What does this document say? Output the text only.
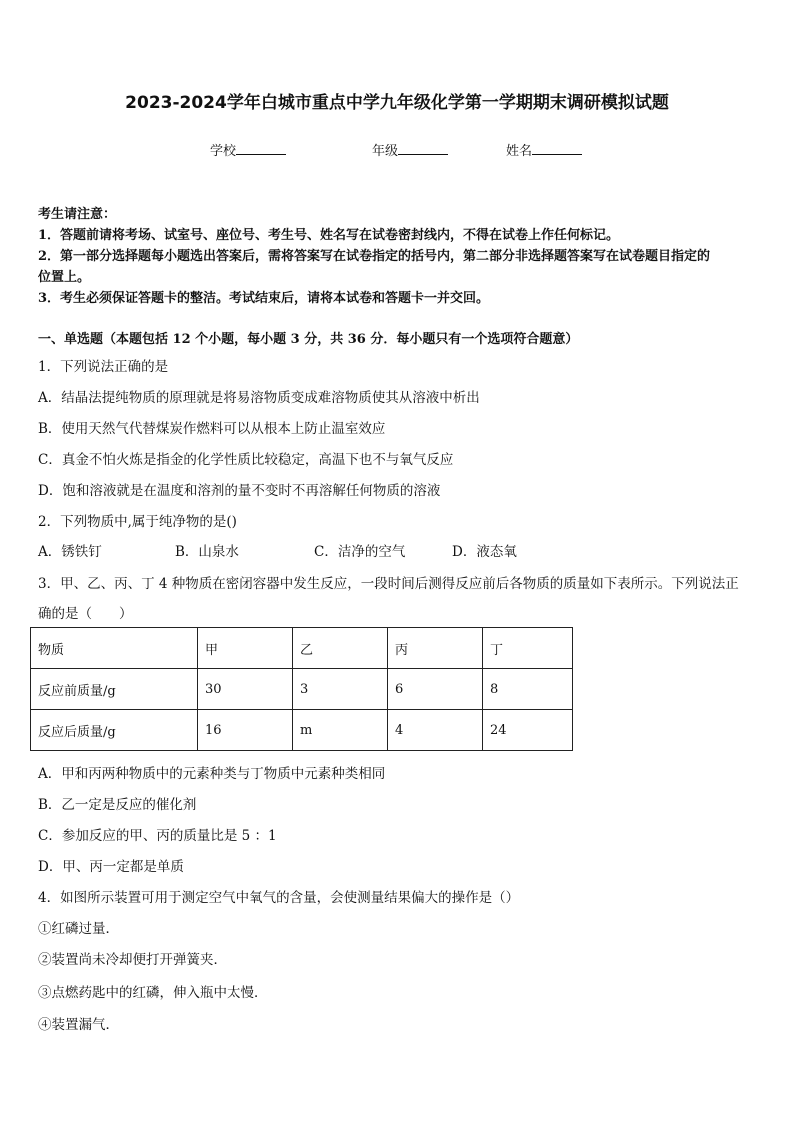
2023-2024学年白城市重点中学九年级化学第一学期期末调研模拟试题
学校	年级	姓名
考生请注意：
1．答题前请将考场、试室号、座位号、考生号、姓名写在试卷密封线内，不得在试卷上作任何标记。
2．第一部分选择题每小题选出答案后，需将答案写在试卷指定的括号内，第二部分非选择题答案写在试卷题目指定的
位置上。
3．考生必须保证答题卡的整洁。考试结束后，请将本试卷和答题卡一并交回。
一、单选题（本题包括 12 个小题，每小题 3 分，共 36 分．每小题只有一个选项符合题意）
1．下列说法正确的是
A．结晶法提纯物质的原理就是将易溶物质变成难溶物质使其从溶液中析出
B．使用天然气代替煤炭作燃料可以从根本上防止温室效应
C．真金不怕火炼是指金的化学性质比较稳定，高温下也不与氧气反应
D．饱和溶液就是在温度和溶剂的量不变时不再溶解任何物质的溶液
2．下列物质中,属于纯净物的是()
A．锈铁钉	B．山泉水	C．洁净的空气	D．液态氧
3．甲、乙、丙、丁 4 种物质在密闭容器中发生反应，一段时间后测得反应前后各物质的质量如下表所示。下列说法正
确的是（　　）
物质	甲	乙	丙	丁
反应前质量/g	30	3	6	8
反应后质量/g	16	m	4	24
A．甲和丙两种物质中的元素种类与丁物质中元素种类相同
B．乙一定是反应的催化剂
C．参加反应的甲、丙的质量比是 5 ：1
D．甲、丙一定都是单质
4．如图所示装置可用于测定空气中氧气的含量，会使测量结果偏大的操作是（）
①红磷过量．
②装置尚未冷却便打开弹簧夹．
③点燃药匙中的红磷，伸入瓶中太慢．
④装置漏气．
